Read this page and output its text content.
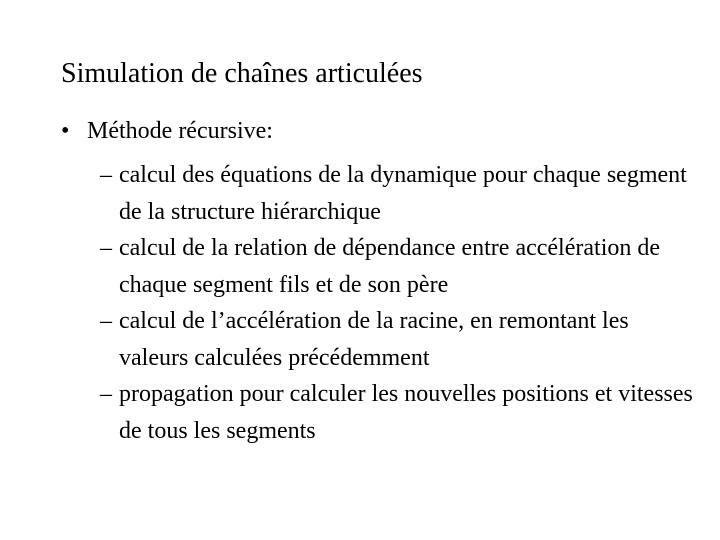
Simulation de chaînes articulées
• Méthode récursive:
– calcul des équations de la dynamique pour chaque segment de la structure hiérarchique
– calcul de la relation de dépendance entre accélération de chaque segment fils et de son père
– calcul de l’accélération de la racine, en remontant les valeurs calculées précédemment
– propagation pour calculer les nouvelles positions et vitesses de tous les segments
